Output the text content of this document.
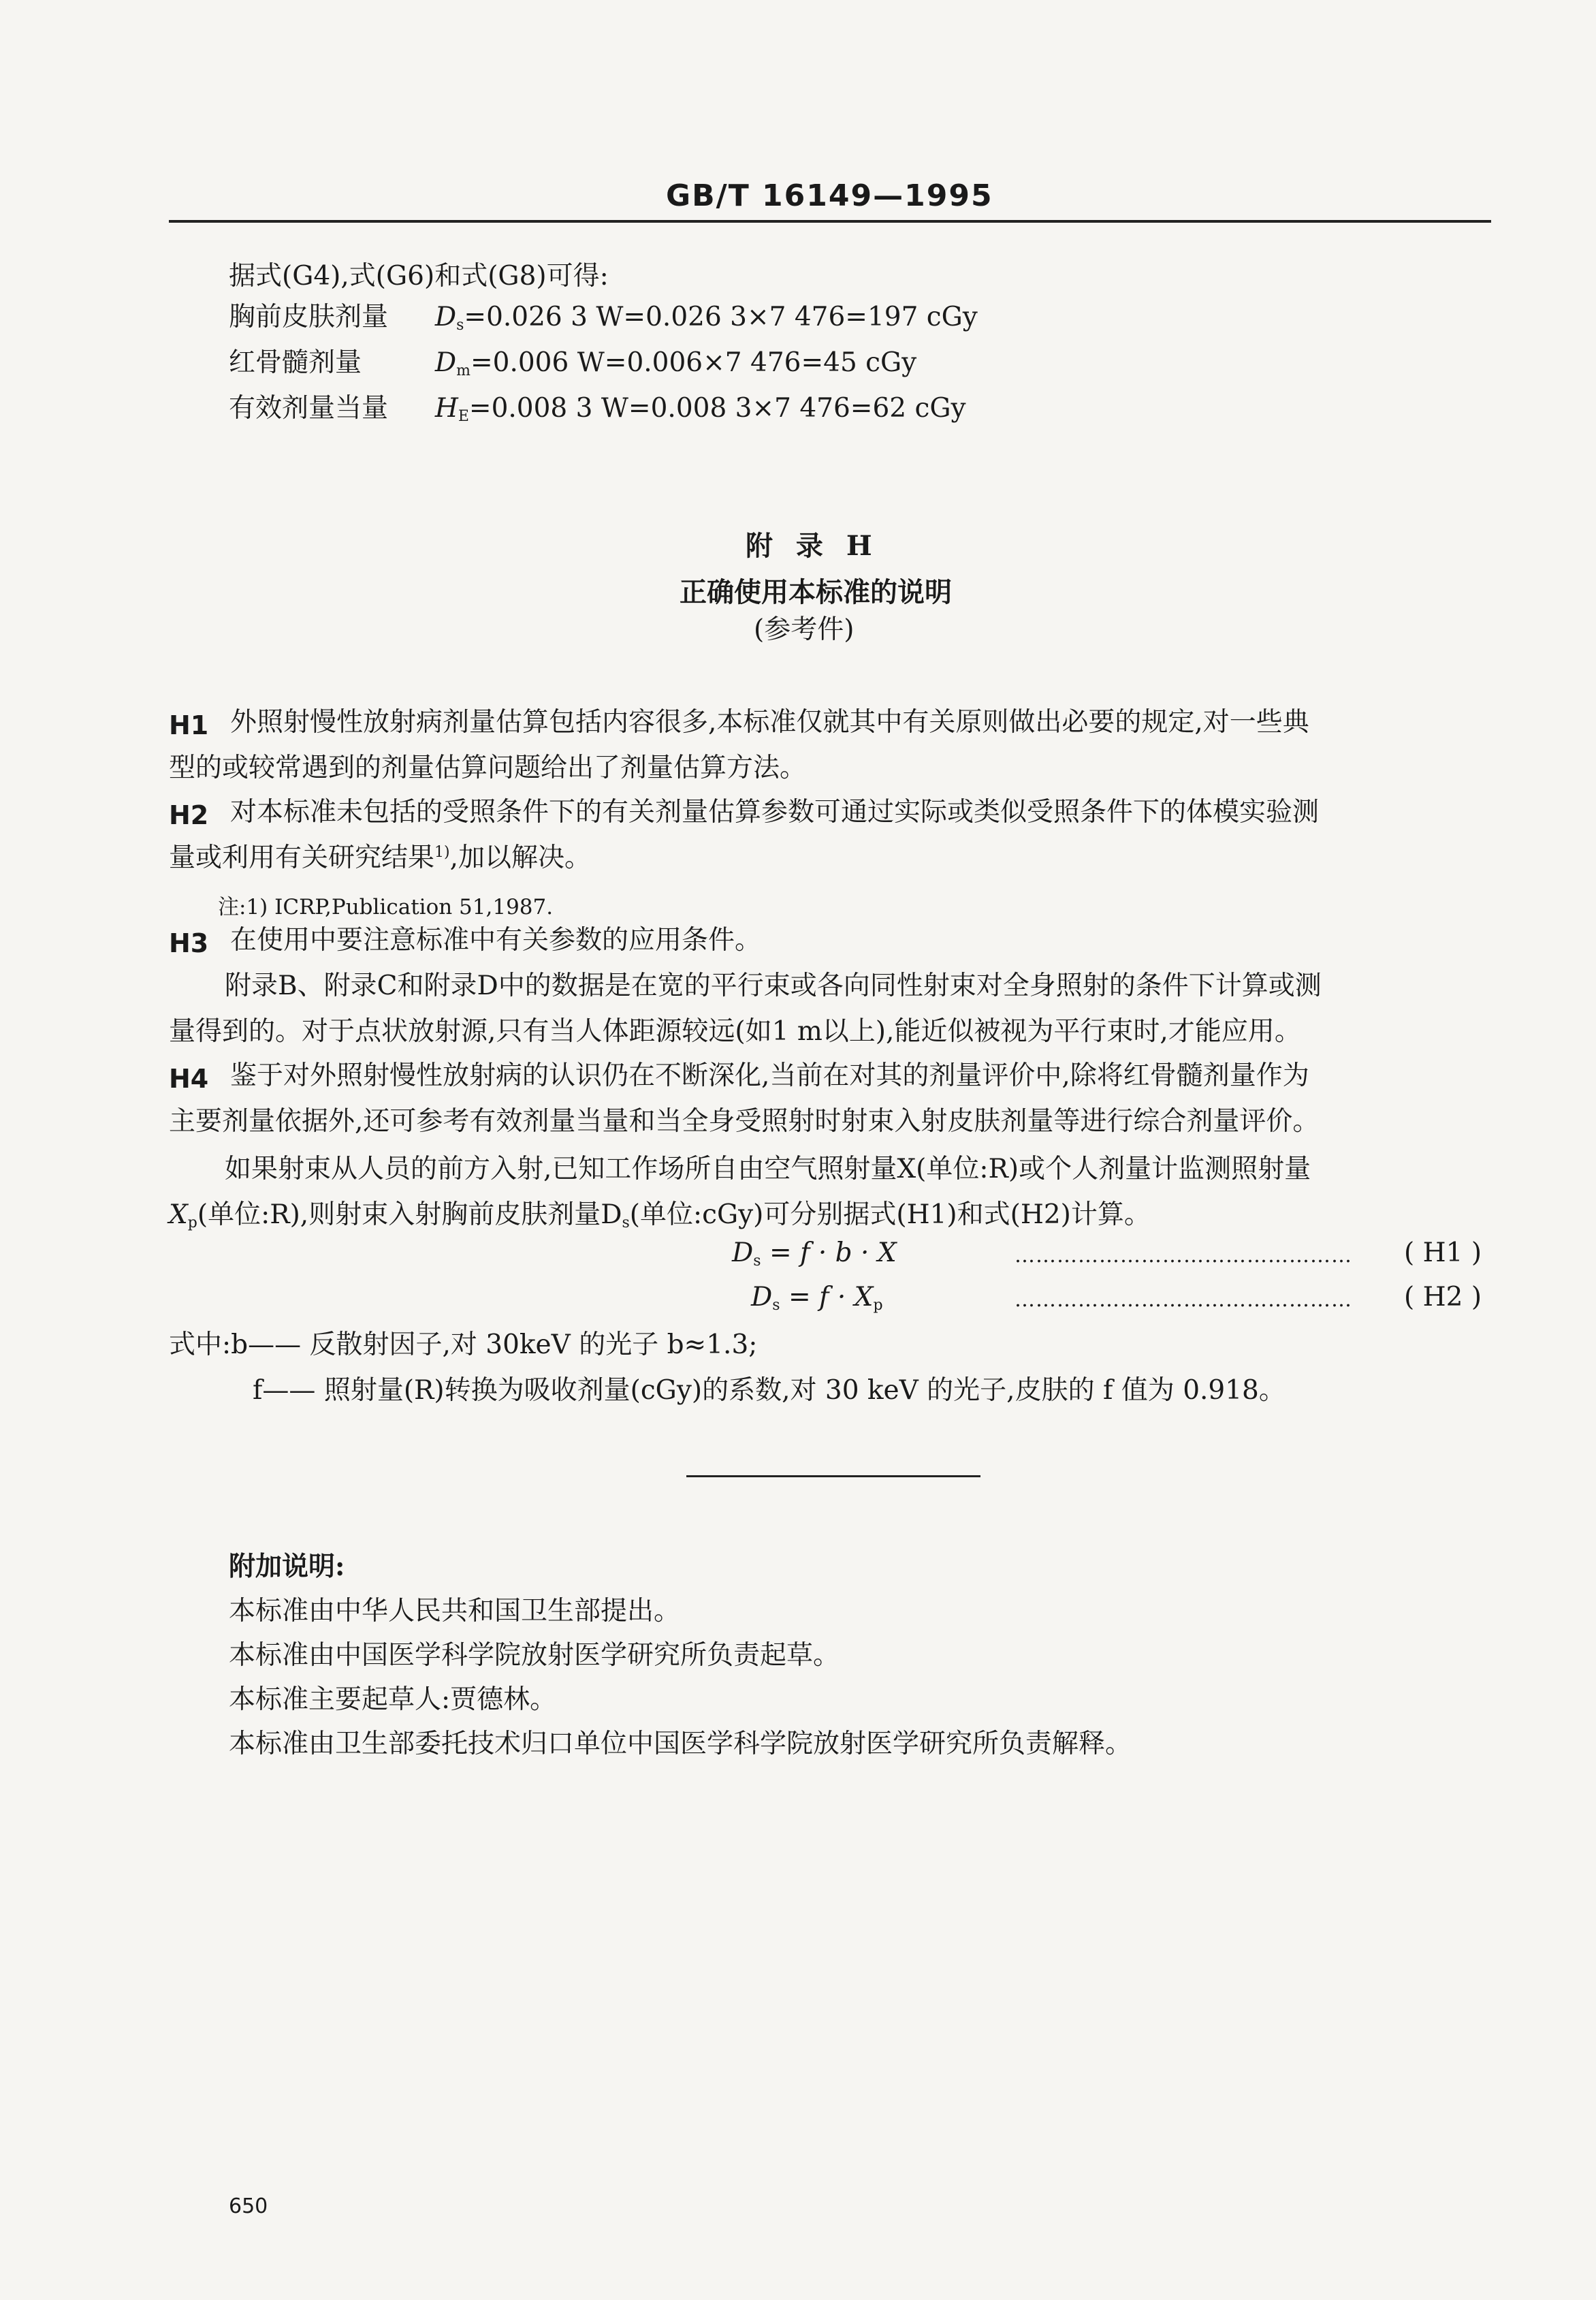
GB/T 16149—1995
据式(G4),式(G6)和式(G8)可得:
胸前皮肤剂量 $D_s=0.026$ 3 W=0.026 3×7 476=197 cGy
红骨髓剂量	$D_m=0.006$ W=0.006×7 476=45 cGy
有效剂量当量 $H_E=0.008$ 3 W=0.008 3×7 476=62 cGy
附 录 H
正确使用本标准的说明
(参考件)
H1 外照射慢性放射病剂量估算包括内容很多,本标准仅就其中有关原则做出必要的规定,对一些典
型的或较常遇到的剂量估算问题给出了剂量估算方法。
H2 对本标准未包括的受照条件下的有关剂量估算参数可通过实际或类似受照条件下的体模实验测
量或利用有关研究结果$^{1)}$,加以解决。
注:1) ICRP,Publication 51,1987.
H3 在使用中要注意标准中有关参数的应用条件。
附录B、附录C和附录D中的数据是在宽的平行束或各向同性射束对全身照射的条件下计算或测
量得到的。对于点状放射源,只有当人体距源较远(如1 m以上),能近似被视为平行束时,才能应用。
H4 鉴于对外照射慢性放射病的认识仍在不断深化,当前在对其的剂量评价中,除将红骨髓剂量作为
主要剂量依据外,还可参考有效剂量当量和当全身受照射时射束入射皮肤剂量等进行综合剂量评价。
如果射束从人员的前方入射,已知工作场所自由空气照射量X(单位:R)或个人剂量计监测照射量
$X_p$(单位:R),则射束入射胸前皮肤剂量$D_s$(单位:cGy)可分别据式(H1)和式(H2)计算。
$D_s = f \cdot b \cdot X$	………………………………………… ( H1 )
$D_s = f \cdot X_p$	………………………………………… ( H2 )
式中:b—— 反散射因子,对 30keV 的光子 b≈1.3;
f—— 照射量(R)转换为吸收剂量(cGy)的系数,对 30 keV 的光子,皮肤的 f 值为 0.918。
附加说明:
本标准由中华人民共和国卫生部提出。
本标准由中国医学科学院放射医学研究所负责起草。
本标准主要起草人:贾德林。
本标准由卫生部委托技术归口单位中国医学科学院放射医学研究所负责解释。
650
